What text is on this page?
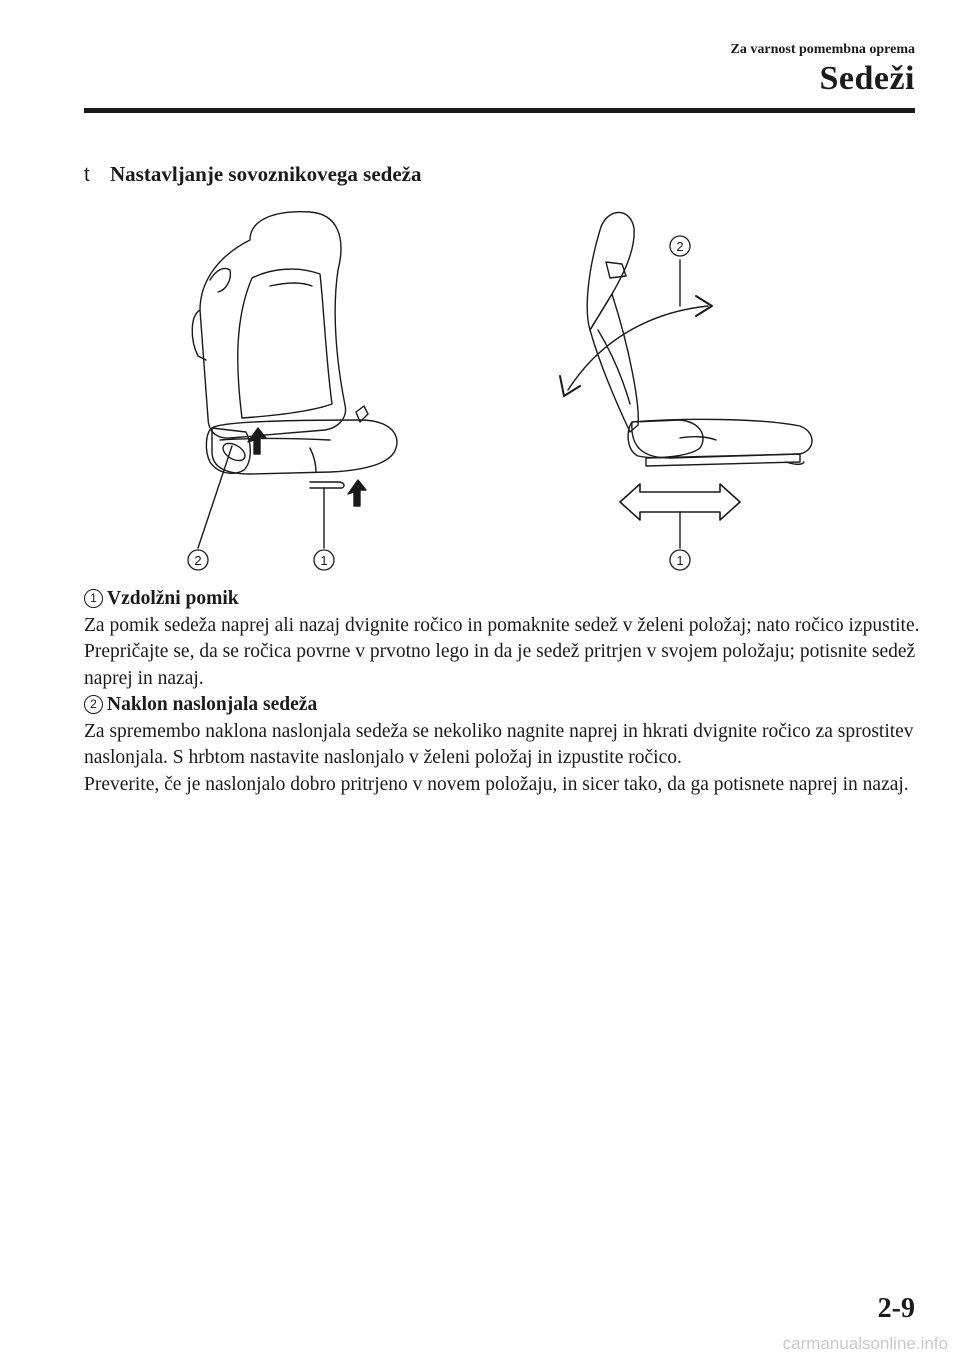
Za varnost pomembna oprema
Sedeži
t Nastavljanje sovoznikovega sedeža
2	1
2
1

1 Vzdolžni pomik

Za pomik sedeža naprej ali nazaj dvignite ročico in pomaknite sedež v želeni položaj; nato ročico izpustite.

Prepričajte se, da se ročica povrne v prvotno lego in da je sedež pritrjen v svojem položaju; potisnite sedež naprej in nazaj.

2 Naklon naslonjala sedeža

Za spremembo naklona naslonjala sedeža se nekoliko nagnite naprej in hkrati dvignite ročico za sprostitev naslonjala. S hrbtom nastavite naslonjalo v želeni položaj in izpustite ročico.

Preverite, če je naslonjalo dobro pritrjeno v novem položaju, in sicer tako, da ga potisnete naprej in nazaj.

2-9
carmanualsonline.info
